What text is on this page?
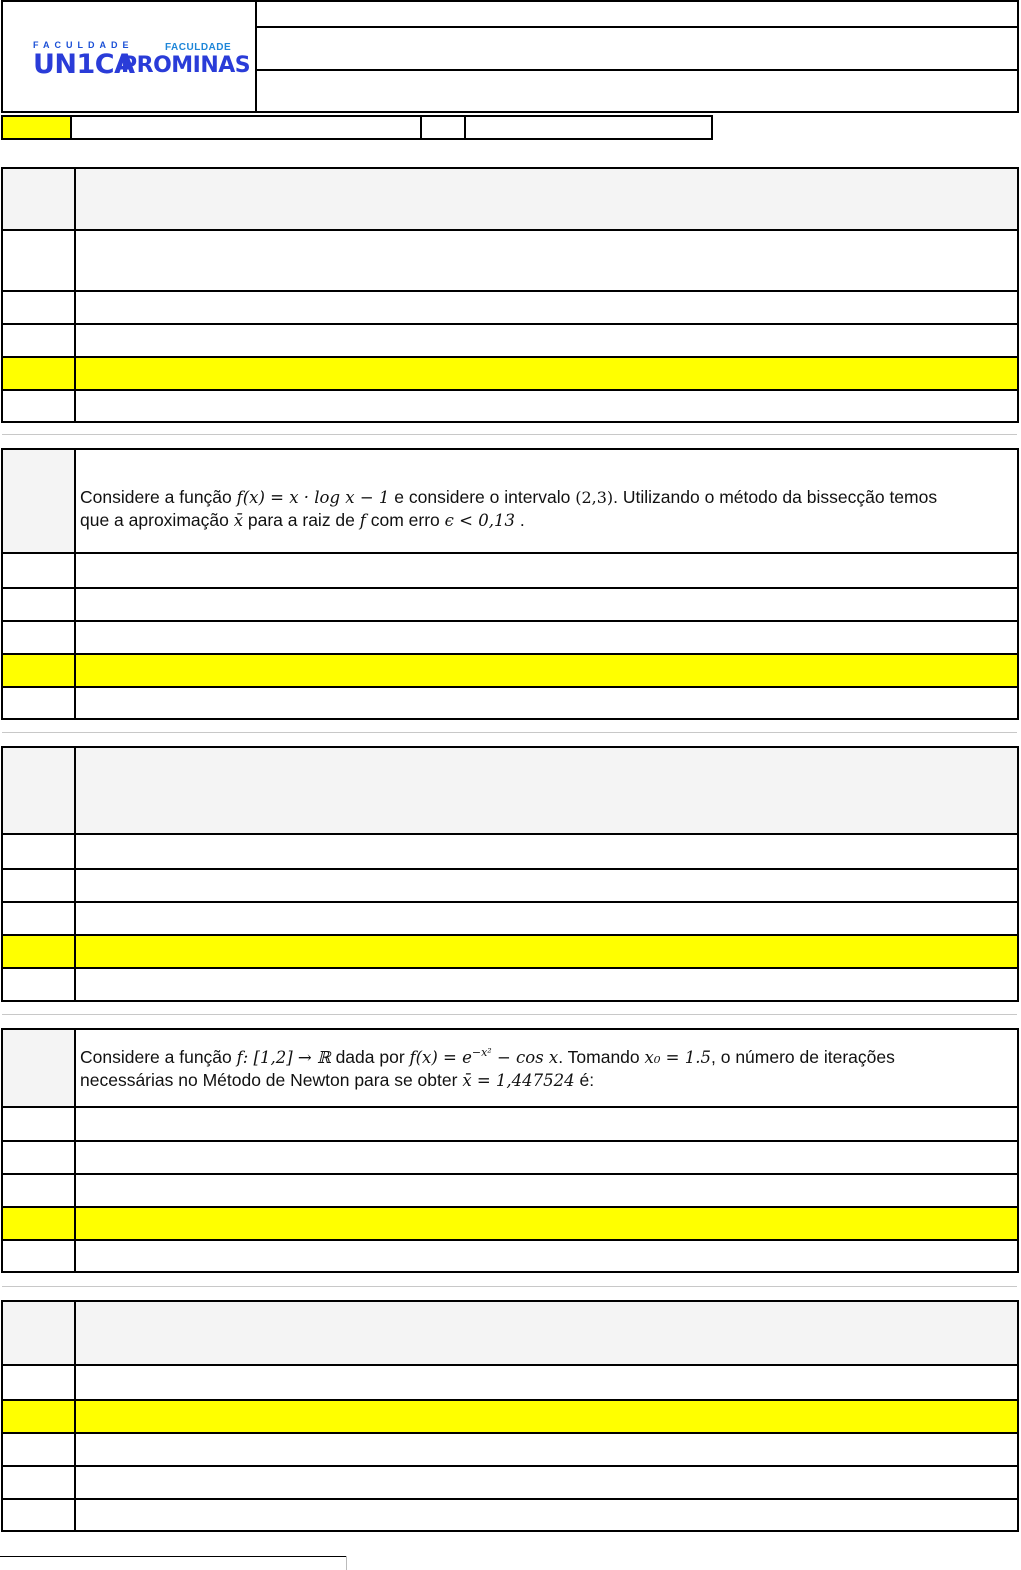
FACULDADE	FACULDADE
UN1CA
PROMINAS
Considere a função f(x) = x · log x − 1 e considere o intervalo (2,3). Utilizando o método da bissecção temos
que a aproximação x̄ para a raiz de f com erro ϵ < 0,13 .
Considere a função f: [1,2] → ℝ dada por $f(x) = e^{-x^2} - \cos x$. Tomando x₀ = 1.5, o número de iterações
necessárias no Método de Newton para se obter x̄ = 1,447524 é:
